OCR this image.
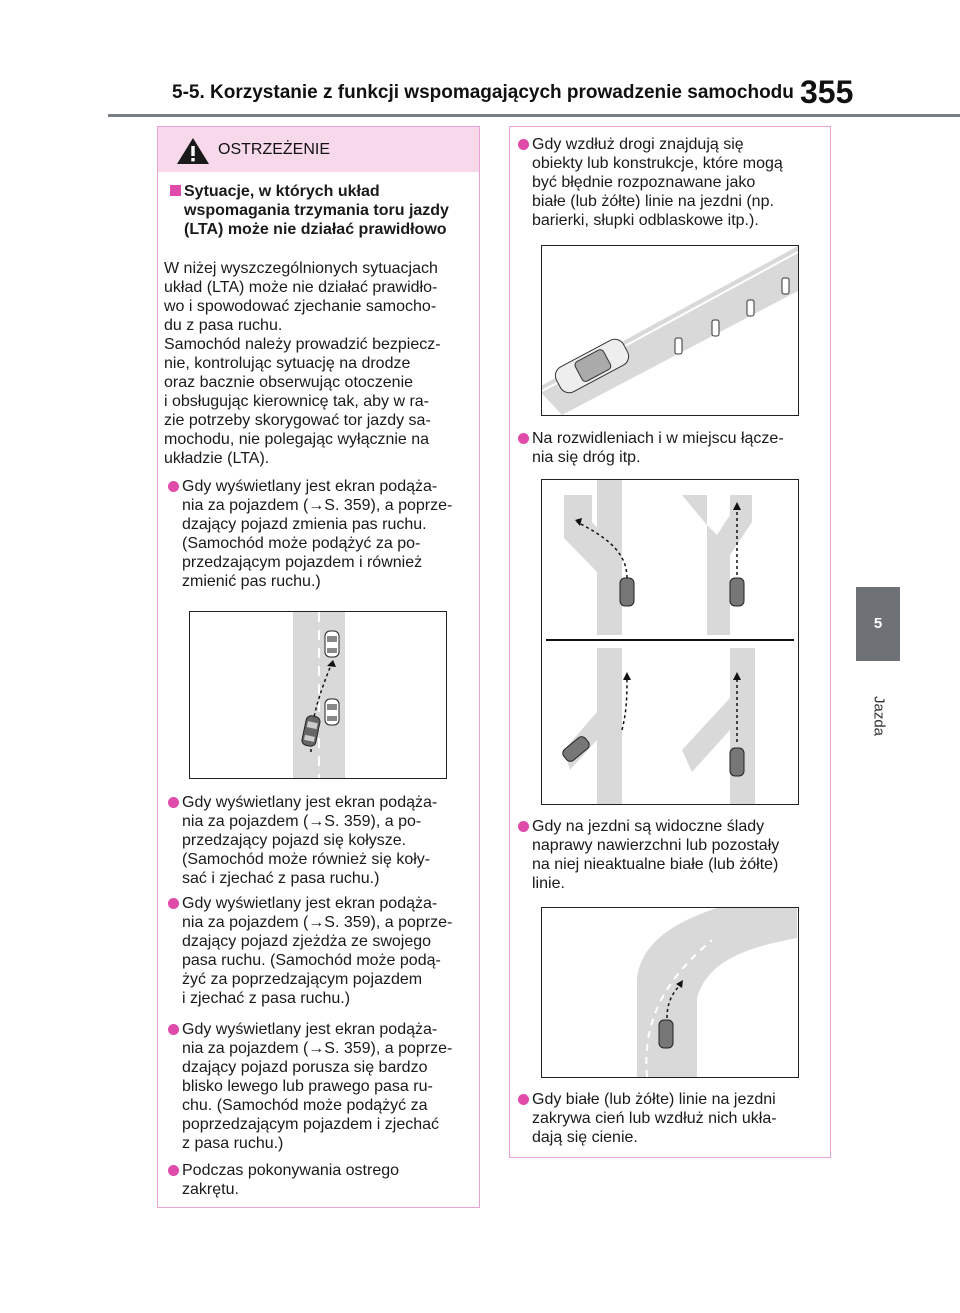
5-5. Korzystanie z funkcji wspomagających prowadzenie samochodu 355
5
Jazda
OSTRZEŻENIE
Sytuacje, w których układ wspomagania trzymania toru jazdy (LTA) może nie działać prawidłowo
W niżej wyszczególnionych sytuacjach układ (LTA) może nie działać prawidło-
wo i spowodować zjechanie samocho-
du z pasa ruchu.
Samochód należy prowadzić bezpiecz-
nie, kontrolując sytuację na drodze
oraz bacznie obserwując otoczenie
i obsługując kierownicę tak, aby w ra-
zie potrzeby skorygować tor jazdy sa-
mochodu, nie polegając wyłącznie na
układzie (LTA).
Gdy wyświetlany jest ekran podąża-
nia za pojazdem (→S. 359), a poprze-
dzający pojazd zmienia pas ruchu.
(Samochód może podążyć za po-
przedzającym pojazdem i również
zmienić pas ruchu.)
Gdy wyświetlany jest ekran podąża-
nia za pojazdem (→S. 359), a po-
przedzający pojazd się kołysze.
(Samochód może również się koły-
sać i zjechać z pasa ruchu.)
Gdy wyświetlany jest ekran podąża-
nia za pojazdem (→S. 359), a poprze-
dzający pojazd zjeżdża ze swojego
pasa ruchu. (Samochód może podą-
żyć za poprzedzającym pojazdem
i zjechać z pasa ruchu.)
Gdy wyświetlany jest ekran podąża-
nia za pojazdem (→S. 359), a poprze-
dzający pojazd porusza się bardzo
blisko lewego lub prawego pasa ru-
chu. (Samochód może podążyć za
poprzedzającym pojazdem i zjechać
z pasa ruchu.)
Podczas pokonywania ostrego
zakrętu.
Gdy wzdłuż drogi znajdują się
obiekty lub konstrukcje, które mogą
być błędnie rozpoznawane jako
białe (lub żółte) linie na jezdni (np.
barierki, słupki odblaskowe itp.).
Na rozwidleniach i w miejscu łącze-
nia się dróg itp.
Gdy na jezdni są widoczne ślady
naprawy nawierzchni lub pozostały
na niej nieaktualne białe (lub żółte)
linie.
Gdy białe (lub żółte) linie na jezdni
zakrywa cień lub wzdłuż nich ukła-
dają się cienie.
